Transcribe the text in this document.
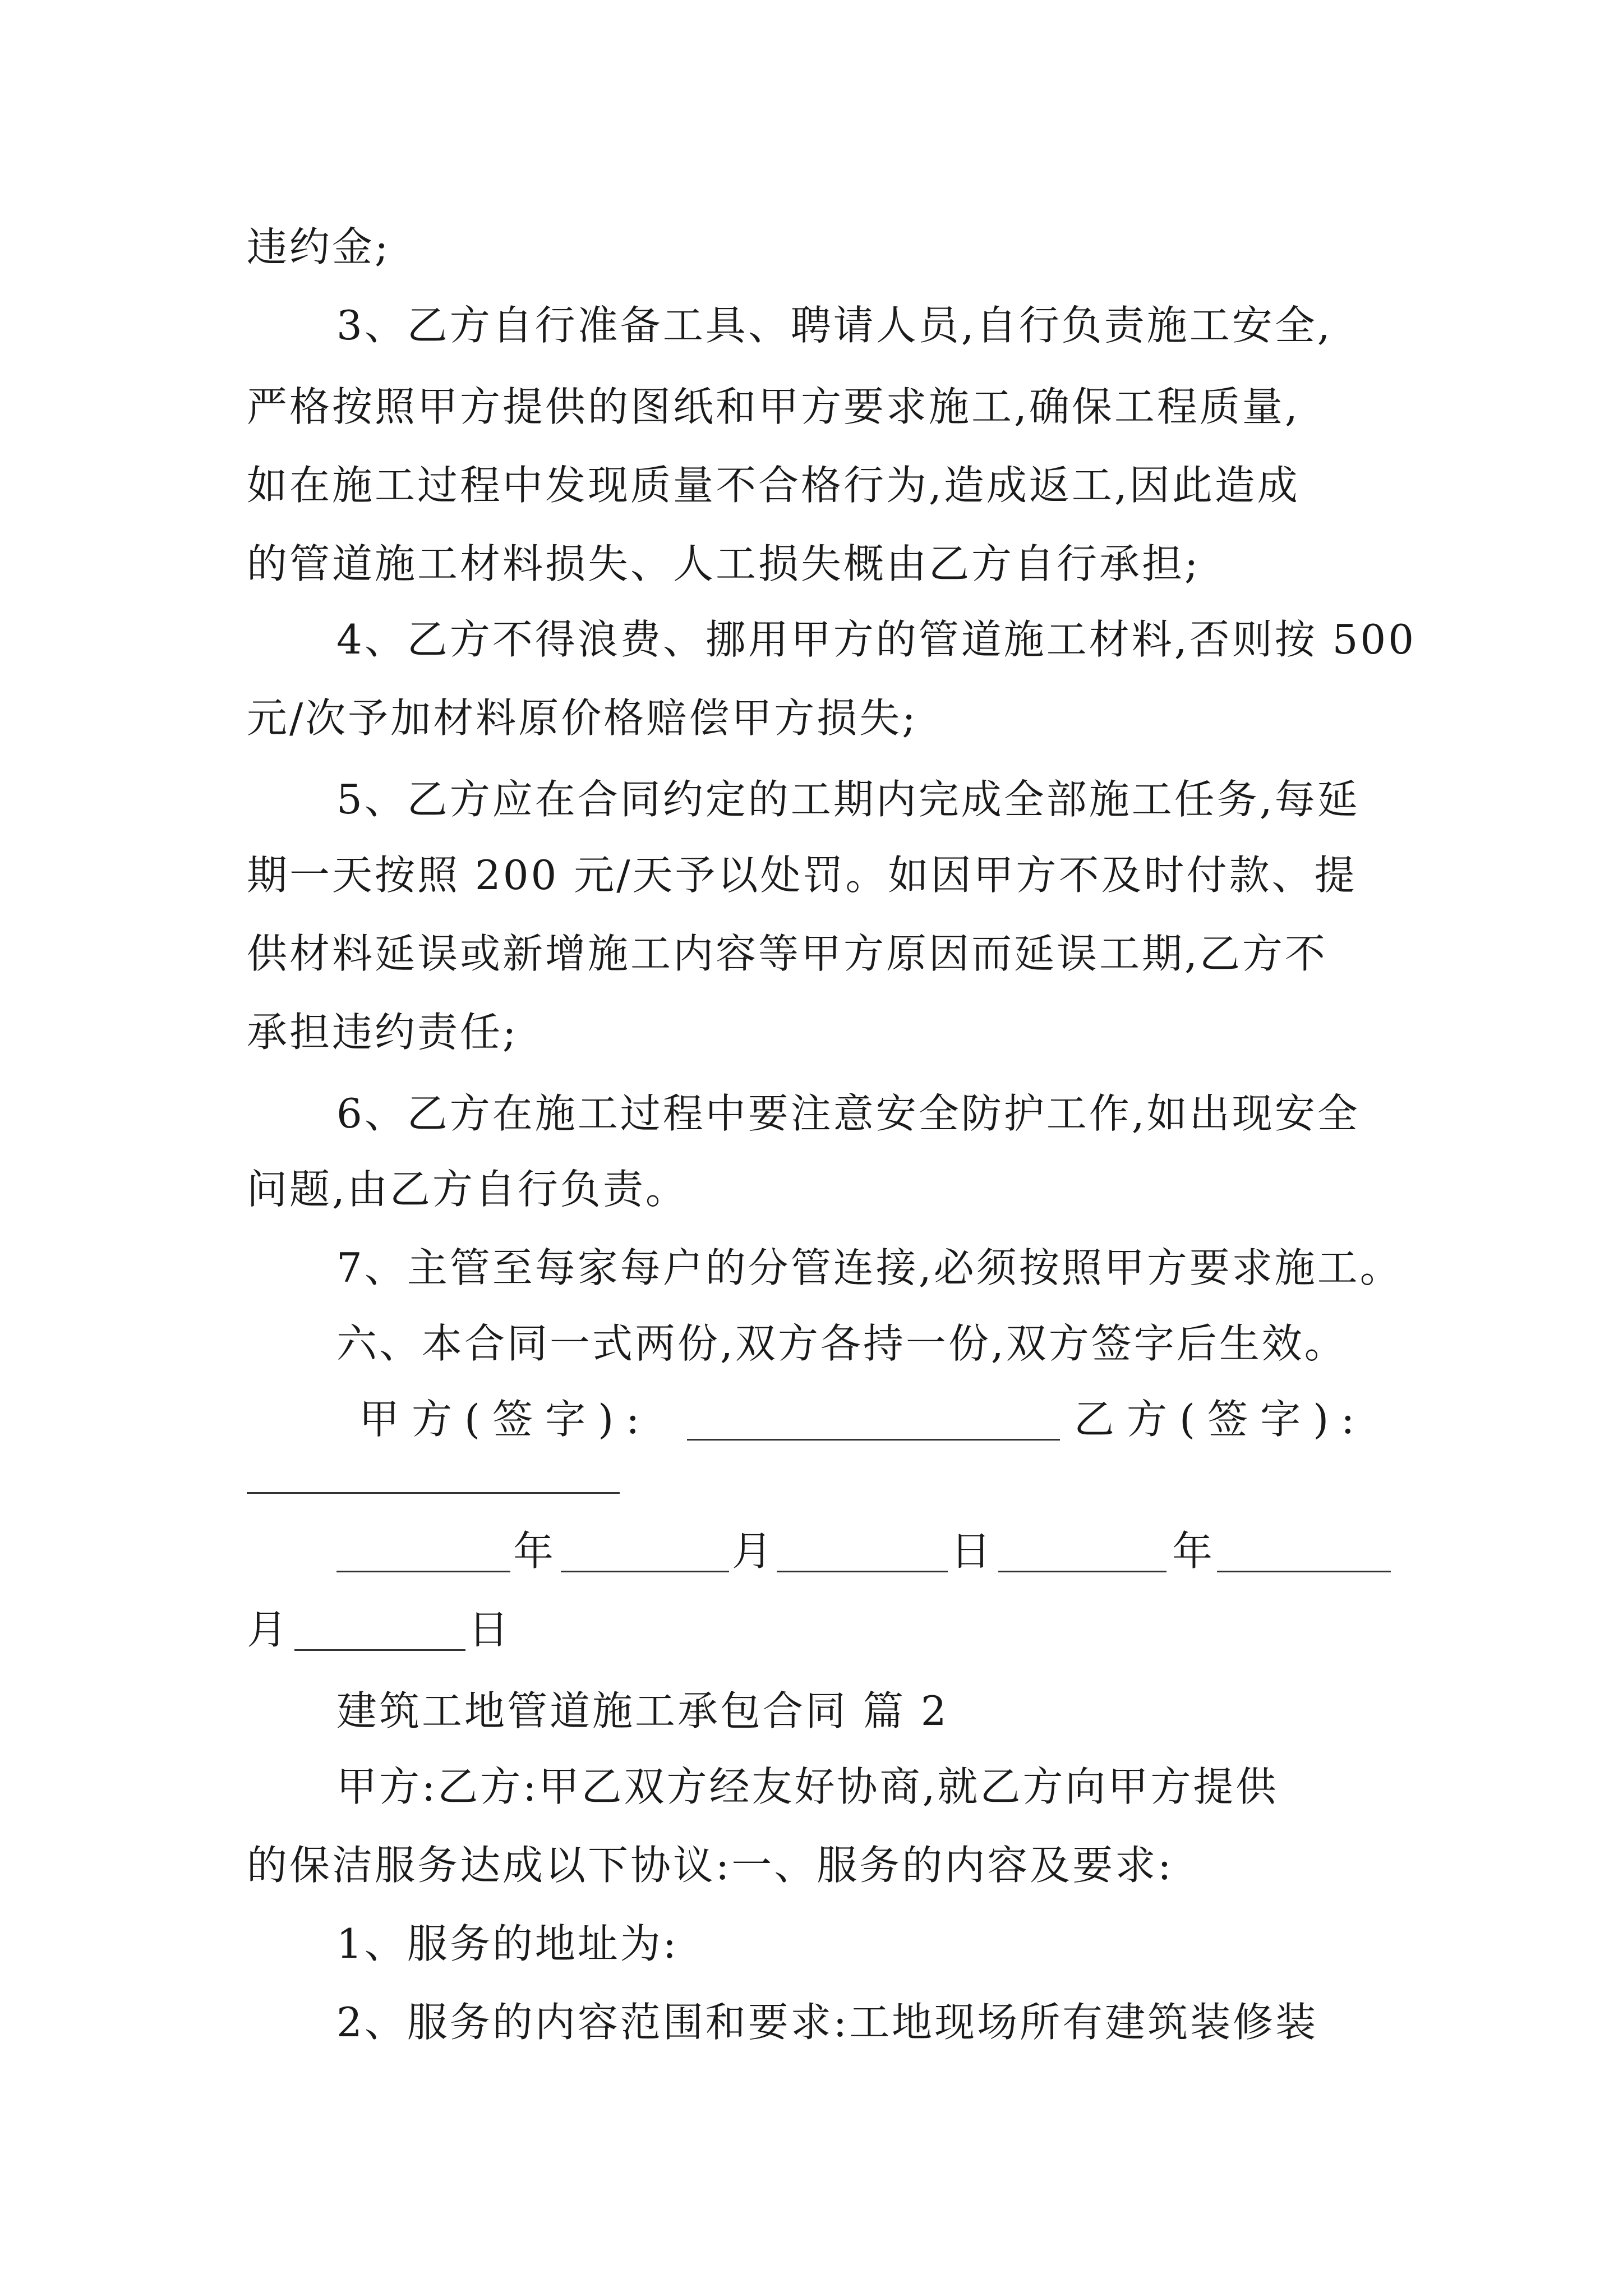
违约金;
3、乙方自行准备工具、聘请人员,自行负责施工安全,
严格按照甲方提供的图纸和甲方要求施工,确保工程质量,
如在施工过程中发现质量不合格行为,造成返工,因此造成
的管道施工材料损失、人工损失概由乙方自行承担;
4、乙方不得浪费、挪用甲方的管道施工材料,否则按 500
元/次予加材料原价格赔偿甲方损失;
5、乙方应在合同约定的工期内完成全部施工任务,每延
期一天按照 200 元/天予以处罚。如因甲方不及时付款、提
供材料延误或新增施工内容等甲方原因而延误工期,乙方不
承担违约责任;
6、乙方在施工过程中要注意安全防护工作,如出现安全
问题,由乙方自行负责。
7、主管至每家每户的分管连接,必须按照甲方要求施工。
六、本合同一式两份,双方各持一份,双方签字后生效。
甲方(签字):	乙方(签字):
年	月	日	年
月	日
建筑工地管道施工承包合同 篇 2
甲方:乙方:甲乙双方经友好协商,就乙方向甲方提供
的保洁服务达成以下协议:一、服务的内容及要求:
1、服务的地址为:
2、服务的内容范围和要求:工地现场所有建筑装修装
